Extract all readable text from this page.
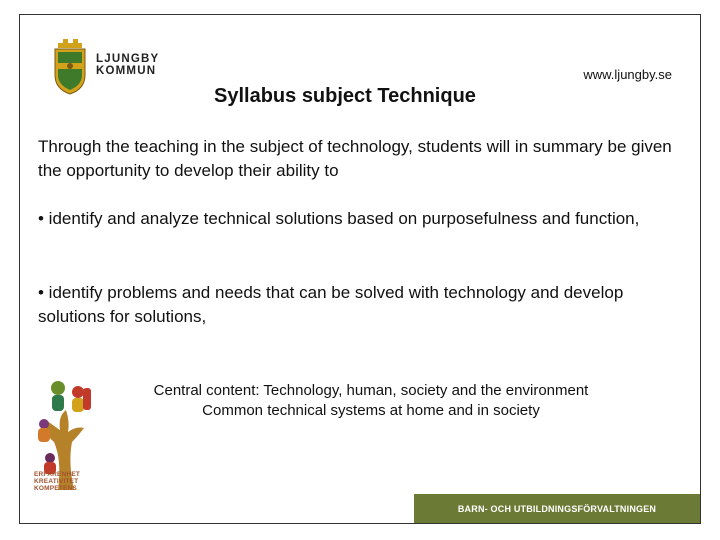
LJUNGBY
KOMMUN
Syllabus subject Technique
www.ljungby.se
Through the teaching in the subject of technology, students will in summary be given the opportunity to develop their ability to
• identify and analyze technical solutions based on purposefulness and function,
• identify problems and needs that can be solved with technology and develop solutions for solutions,
ERFARENHET
KREATIVITET
KOMPETENS
Central content: Technology, human, society and the environment
Common technical systems at home and in society
BARN- OCH UTBILDNINGSFÖRVALTNINGEN
